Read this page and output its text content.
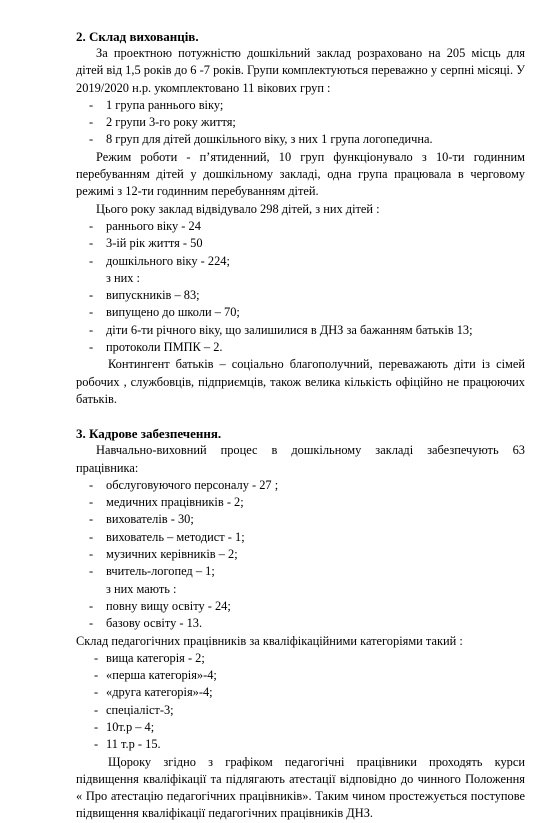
2. Склад вихованців.

За проектною потужністю дошкільний заклад розраховано на 205 місць для дітей від 1,5 років до 6 -7 років. Групи комплектуються переважно у серпні місяці. У 2019/2020 н.р. укомплектовано 11 вікових груп :

- 1 група раннього віку;
- 2 групи 3-го року життя;
- 8 груп для дітей дошкільного віку, з них 1 група логопедична.

Режим роботи - п’ятиденний, 10 груп функціонувало з 10-ти годинним перебуванням дітей у дошкільному закладі, одна група працювала в черговому режимі з 12-ти годинним перебуванням дітей.

Цього року заклад відвідувало 298 дітей, з них дітей :

- раннього віку - 24
- 3-ій рік життя - 50
- дошкільного віку - 224;
з них :
- випускників – 83;
- випущено до школи – 70;
- діти 6-ти річного віку, що залишилися в ДНЗ за бажанням батьків 13;
- протоколи ПМПК – 2.

Контингент батьків – соціально благополучний, переважають діти із сімей робочих , службовців, підприємців, також велика кількість офіційно не працюючих батьків.

3. Кадрове забезпечення.

Навчально-виховний процес в дошкільному закладі забезпечують 63 працівника:

- обслуговуючого персоналу - 27 ;
- медичних працівників - 2;
- вихователів - 30;
- вихователь – методист - 1;
- музичних керівників – 2;
- вчитель-логопед – 1;
з них мають :
- повну вищу освіту - 24;
- базову освіту - 13.

Склад педагогічних працівників за кваліфікаційними категоріями такий :

- вища категорія - 2;
- «перша категорія»-4;
- «друга категорія»-4;
- спеціаліст-3;
- 10т.р – 4;
- 11 т.р - 15.

Щороку згідно з графіком педагогічні працівники проходять курси підвищення кваліфікації та підлягають атестації відповідно до чинного Положення « Про атестацію педагогічних працівників». Таким чином простежується поступове підвищення кваліфікації педагогічних працівників ДНЗ.
